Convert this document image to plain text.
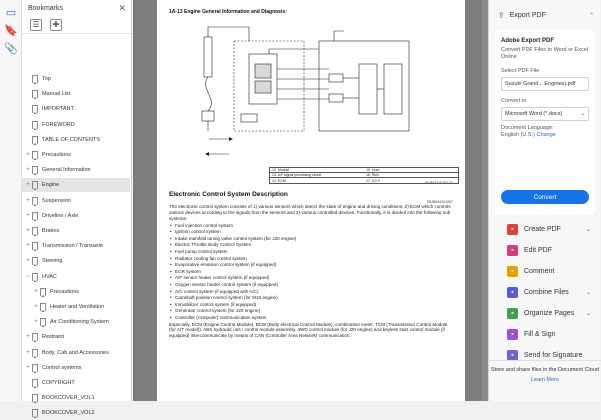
▭
🔖
📎
Bookmarks	✕
☰	✚
Top
Manual List
IMPORTANT
FOREWORD
TABLE OF CONTENTS
+	Precautions
+	General Information
+	Engine
+	Suspension
+	Driveline / Axle
+	Brakes
+	Transmission / Transaxle
+	Steering
−	HVAC
+	Precautions
+	Heater and Ventilation
+	Air Conditioning System
+	Restraint
+	Body, Cab and Accessories
+	Control systems
COPYRIGHT
BOOKCOVER_VOL1
BOOKCOVER_VOL2
1A-13 Engine General Information and Diagnosis:
12. Module	15. Lean
13. A/F signal processing circuit	16. Rich
14. ECM	17. 5.0 V
I5LB0A110187-01
Electronic Control System Description
E5JB0A1101007
The electronic control system consists of 1) various sensors which detect the state of engine and driving conditions, 2) ECM which controls various devices according to the signals from the sensors and 3) various controlled devices. Functionally, it is divided into the following sub systems:
• Fuel injection control system
• Ignition control system
• Intake manifold tuning valve control system (for J20 engine)
• Electric Throttle Body Control System
• Fuel pump control system
• Radiator cooling fan control system
• Evaporative emission control system (if equipped)
• EGR system
• A/F sensor heater control system (if equipped)
• Oxygen sensor heater control system (if equipped)
• A/C control system (if equipped with A/C)
• Camshaft position control system (for M16 engine)
• Immobilizer control system (if equipped)
• Generator control system (for J20 engine)
• Controller (computer) communication system
Especially, ECM (Engine Control Module), BCM (Body electrical Control Module), combination meter, TCM (Transmission Control Module (for A/T model)), ABS hydraulic unit / control module assembly, 4WD control module (for J20 engine) and keyless start control module (if equipped) intercommunicate by means of CAN (Controller Area Network) communication.
⇪ Export PDF	⌃
Adobe Export PDF
Convert PDF Files to Word or Excel Online
Select PDF File
Suzuki Grand... Engines).pdf
Convert to
Microsoft Word (*.docx)	⌄
Document Language:
English (U.S.) Change
Convert
▪	Create PDF	⌄
▪	Edit PDF
▪	Comment
▪	Combine Files	⌄
▪	Organize Pages ⌄
▪	Fill & Sign
▪	Send for Signature
Store and share files in the Document Cloud
Learn More
